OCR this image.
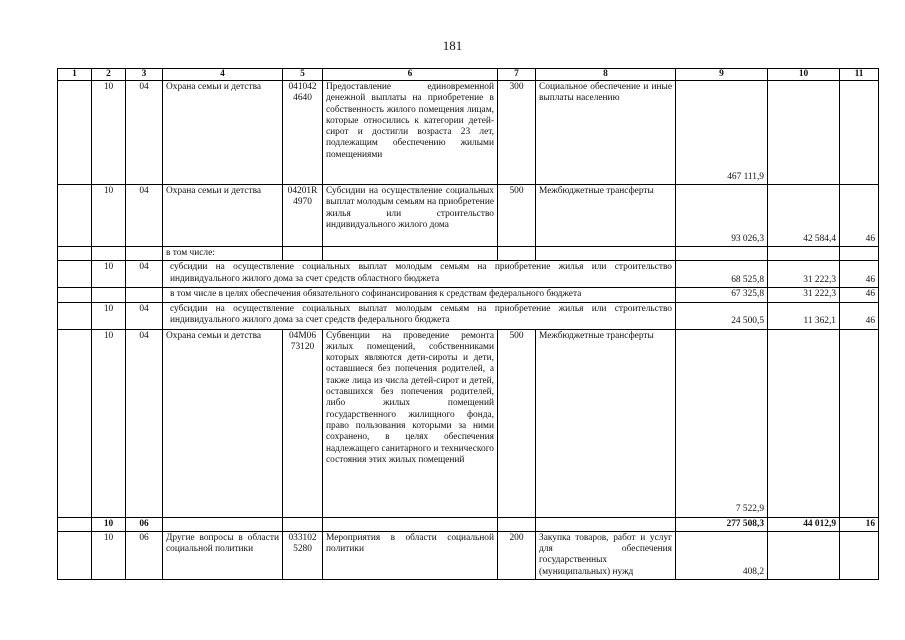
181
1	2	3	4	5	6	7	8	9	10	11
	10	04	Охрана семьи и детства	041042 4640	Предоставление единовременной денежной выплаты на приобретение в собственность жилого помещения лицам, которые относились к категории детей-сирот и достигли возраста 23 лет, подлежащим обеспечению жилыми помещениями	300	Социальное обеспечение и иные выплаты населению	467 111,9		
	10	04	Охрана семьи и детства	04201R 4970	Субсидии на осуществление социальных выплат молодым семьям на приобретение жилья или строительство индивидуального жилого дома	500	Межбюджетные трансферты	93 026,3	42 584,4	46
			в том числе:							
	10	04	субсидии на осуществление социальных выплат молодым семьям на приобретение жилья или строительство индивидуального жилого дома за счет средств областного бюджета					68 525,8	31 222,3	46
			в том числе в целях обеспечения обязательного софинансирования к средствам федерального бюджета					67 325,8	31 222,3	46
	10	04	субсидии на осуществление социальных выплат молодым семьям на приобретение жилья или строительство индивидуального жилого дома за счет средств федерального бюджета					24 500,5	11 362,1	46
	10	04	Охрана семьи и детства	04М06 73120	Субвенции на проведение ремонта жилых помещений, собственниками которых являются дети-сироты и дети, оставшиеся без попечения родителей, а также лица из числа детей-сирот и детей, оставшихся без попечения родителей, либо жилых помещений государственного жилищного фонда, право пользования которыми за ними сохранено, в целях обеспечения надлежащего санитарного и технического состояния этих жилых помещений	500	Межбюджетные трансферты	7 522,9		
	10	06						277 508,3	44 012,9	16
	10	06	Другие вопросы в области социальной политики	033102 5280	Мероприятия в области социальной политики	200	Закупка товаров, работ и услуг для обеспечения государственных (муниципальных) нужд	408,2		
